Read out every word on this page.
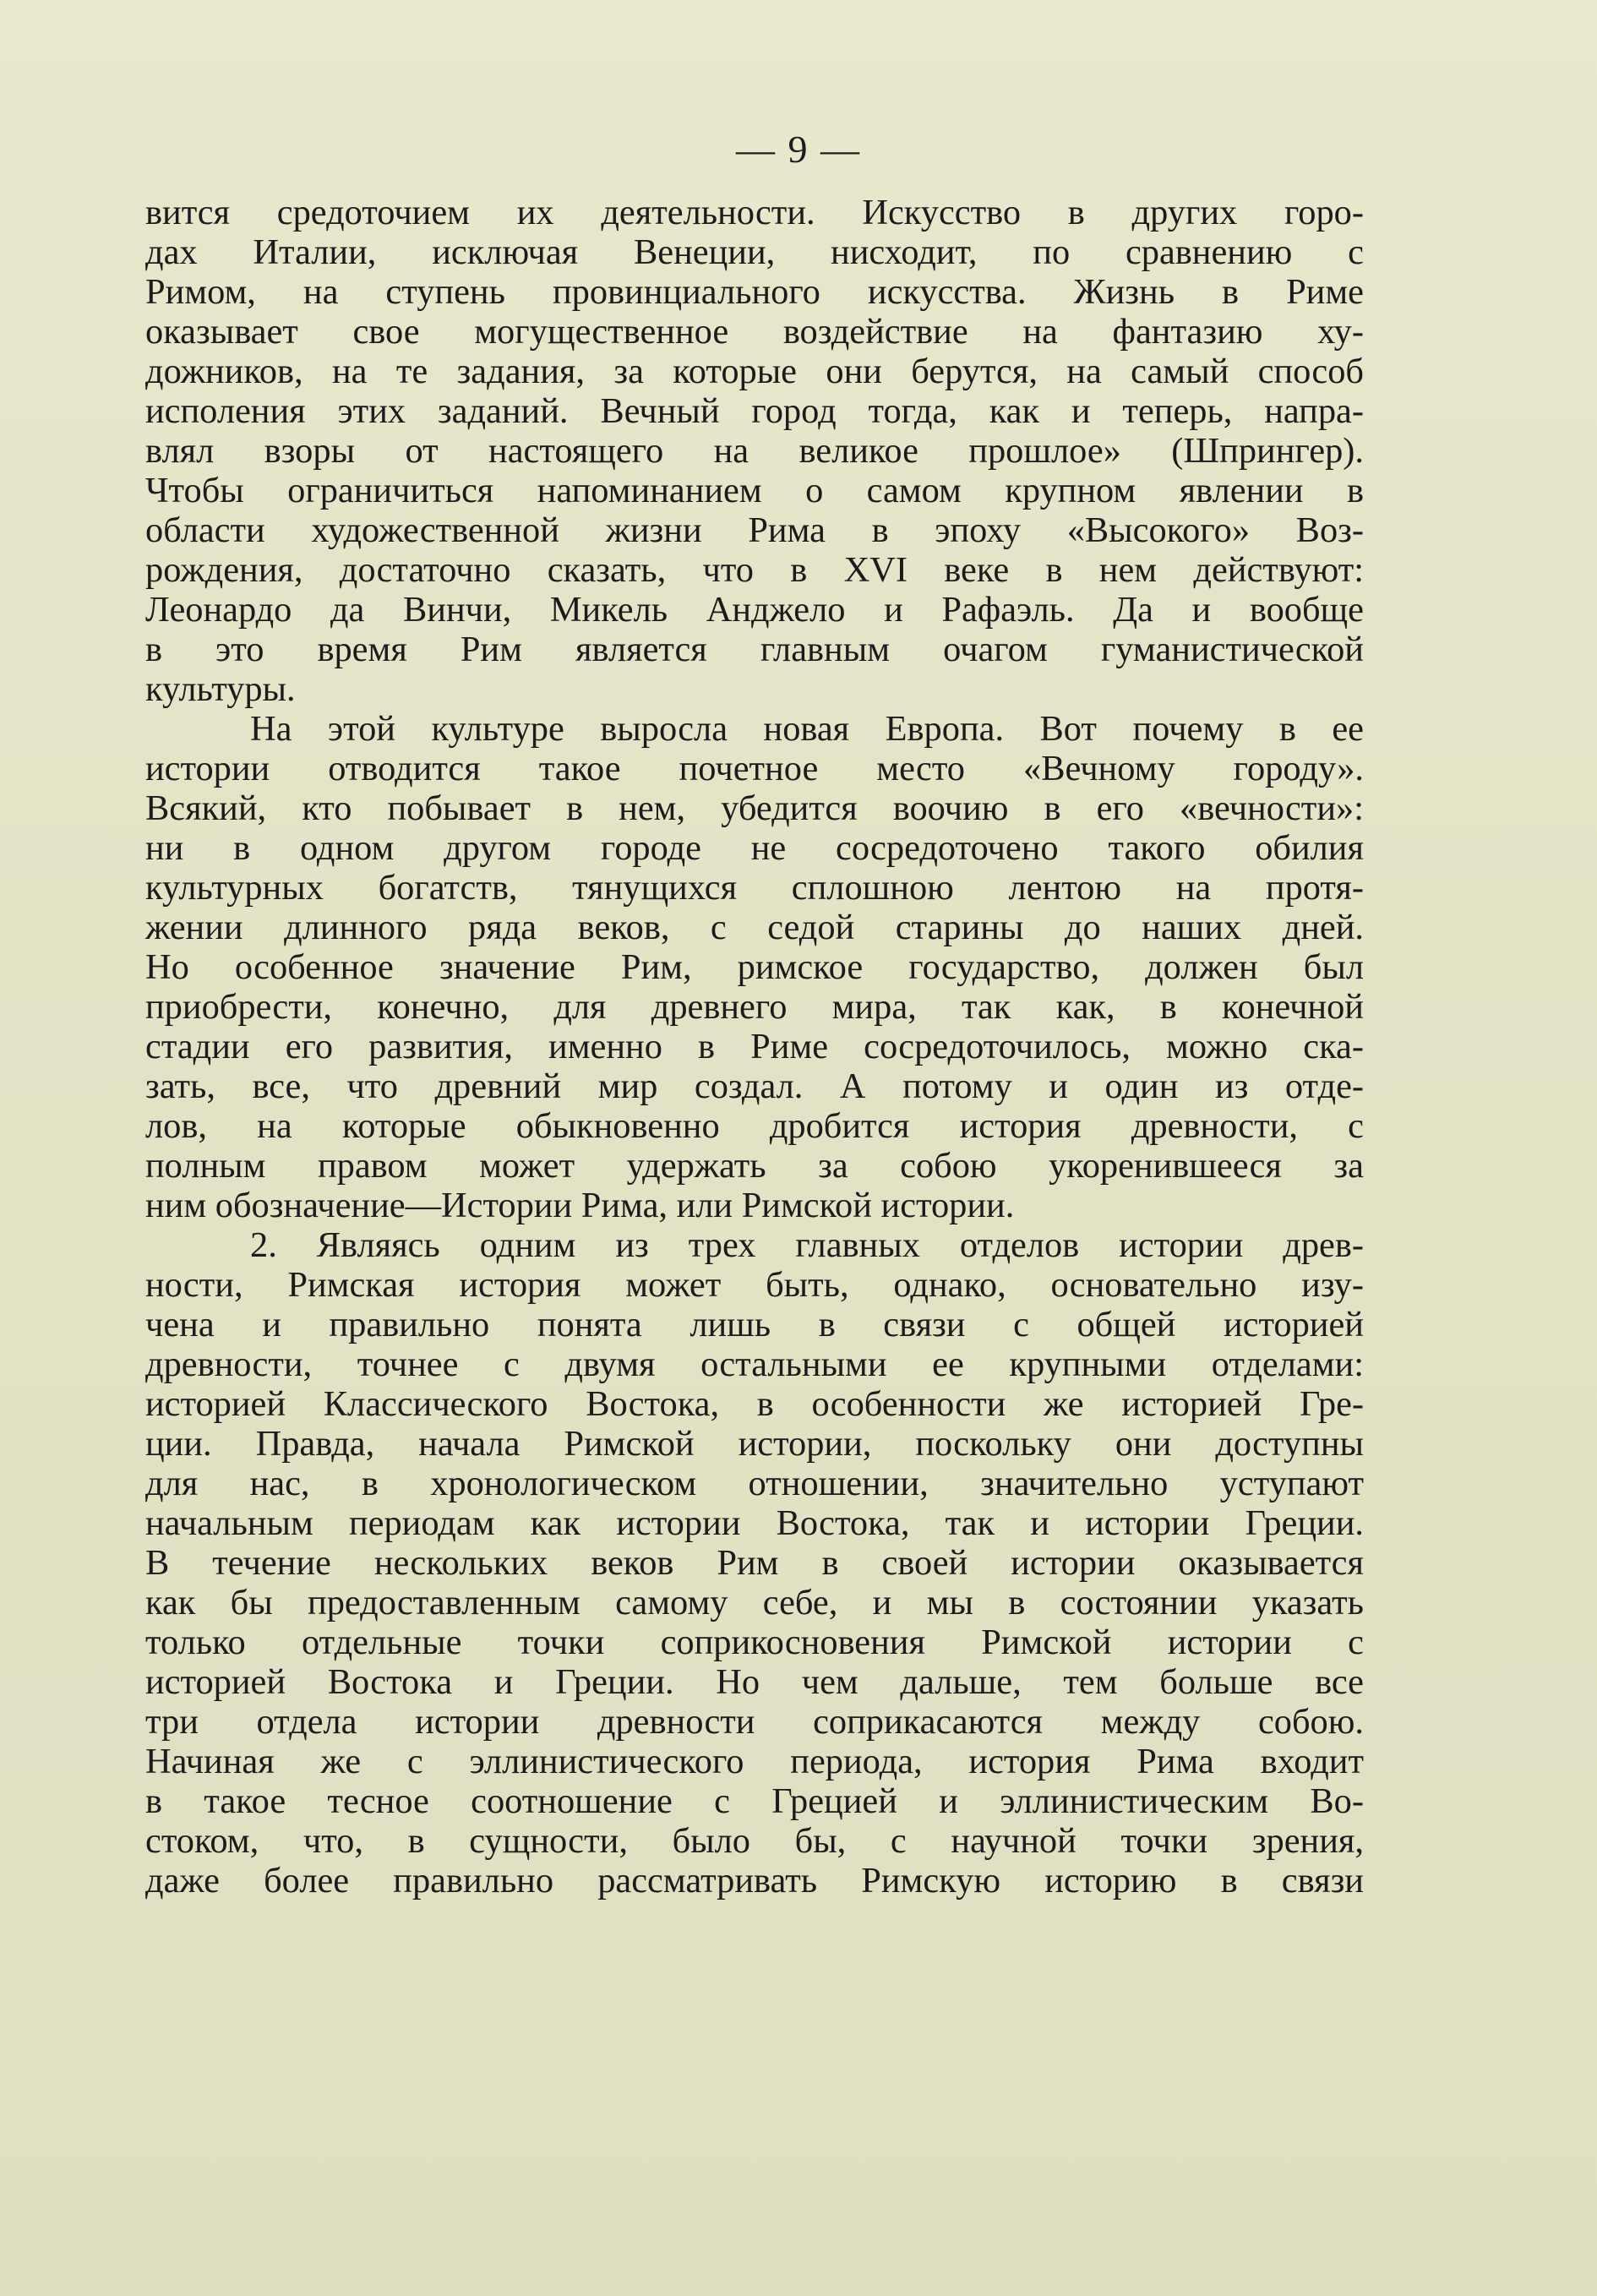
— 9 —
вится средоточием их деятельности. Искусство в других горо-
дах Италии, исключая Венеции, нисходит, по сравнению с
Римом, на ступень провинциального искусства. Жизнь в Риме
оказывает свое могущественное воздействие на фантазию ху-
дожников, на те задания, за которые они берутся, на самый способ
исполения этих заданий. Вечный город тогда, как и теперь, напра-
влял взоры от настоящего на великое прошлое» (Шпрингер).
Чтобы ограничиться напоминанием о самом крупном явлении в
области художественной жизни Рима в эпоху «Высокого» Воз-
рождения, достаточно сказать, что в XVI веке в нем действуют:
Леонардо да Винчи, Микель Анджело и Рафаэль. Да и вообще
в это время Рим является главным очагом гуманистической
культуры.
На этой культуре выросла новая Европа. Вот почему в ее
истории отводится такое почетное место «Вечному городу».
Всякий, кто побывает в нем, убедится воочию в его «вечности»:
ни в одном другом городе не сосредоточено такого обилия
культурных богатств, тянущихся сплошною лентою на протя-
жении длинного ряда веков, с седой старины до наших дней.
Но особенное значение Рим, римское государство, должен был
приобрести, конечно, для древнего мира, так как, в конечной
стадии его развития, именно в Риме сосредоточилось, можно ска-
зать, все, что древний мир создал. А потому и один из отде-
лов, на которые обыкновенно дробится история древности, с
полным правом может удержать за собою укоренившееся за
ним обозначение—Истории Рима, или Римской истории.
2. Являясь одним из трех главных отделов истории древ-
ности, Римская история может быть, однако, основательно изу-
чена и правильно понята лишь в связи с общей историей
древности, точнее с двумя остальными ее крупными отделами:
историей Классического Востока, в особенности же историей Гре-
ции. Правда, начала Римской истории, поскольку они доступны
для нас, в хронологическом отношении, значительно уступают
начальным периодам как истории Востока, так и истории Греции.
В течение нескольких веков Рим в своей истории оказывается
как бы предоставленным самому себе, и мы в состоянии указать
только отдельные точки соприкосновения Римской истории с
историей Востока и Греции. Но чем дальше, тем больше все
три отдела истории древности соприкасаются между собою.
Начиная же с эллинистического периода, история Рима входит
в такое тесное соотношение с Грецией и эллинистическим Во-
стоком, что, в сущности, было бы, с научной точки зрения,
даже более правильно рассматривать Римскую историю в связи
